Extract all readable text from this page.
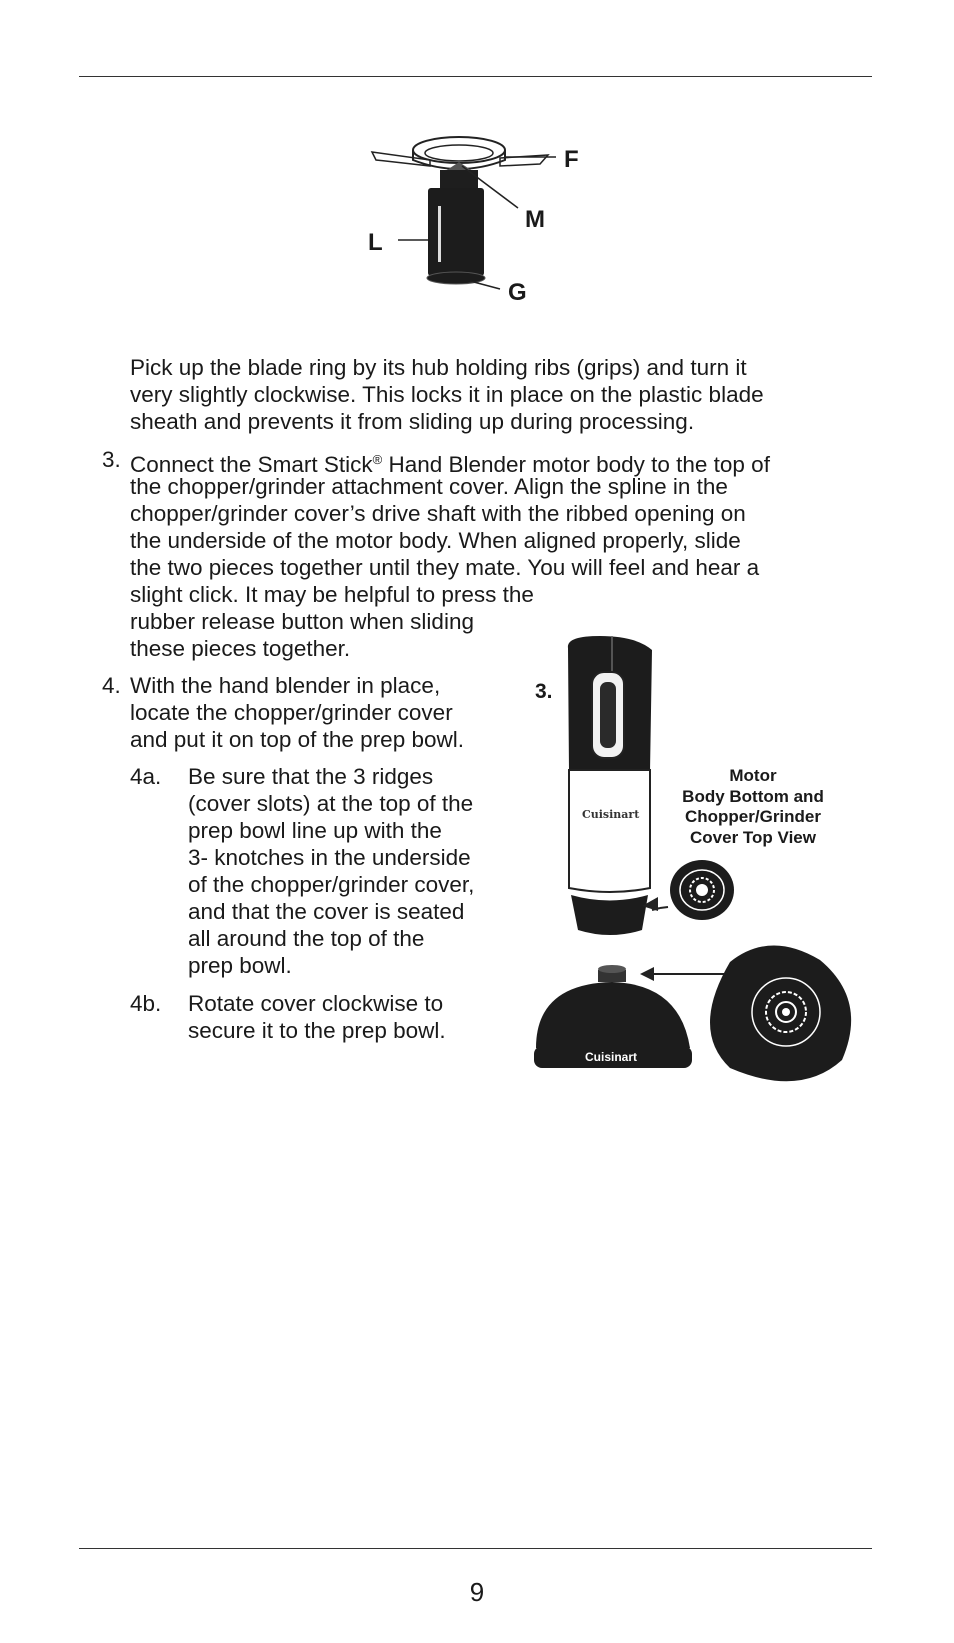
F
M
L
G

Pick up the blade ring by its hub holding ribs (grips) and turn it

very slightly clockwise. This locks it in place on the plastic blade

sheath and prevents it from sliding up during processing.

3. Connect the Smart Stick® Hand Blender motor body to the top of

the chopper/grinder attachment cover. Align the spline in the

chopper/grinder cover’s drive shaft with the ribbed opening on

the underside of the motor body. When aligned properly, slide

the two pieces together until they mate. You will feel and hear a

slight click. It may be helpful to press the

rubber release button when sliding

these pieces together.

4. With the hand blender in place,

locate the chopper/grinder cover

and put it on top of the prep bowl.

4a. Be sure that the 3 ridges

(cover slots) at the top of the

prep bowl line up with the

3- knotches in the underside

of the chopper/grinder cover,

and that the cover is seated

all around the top of the

prep bowl.

4b. Rotate cover clockwise to

secure it to the prep bowl.

3.
Cuisinart
Cuisinart
Motor
Body Bottom and
Chopper/Grinder
Cover Top View
9
